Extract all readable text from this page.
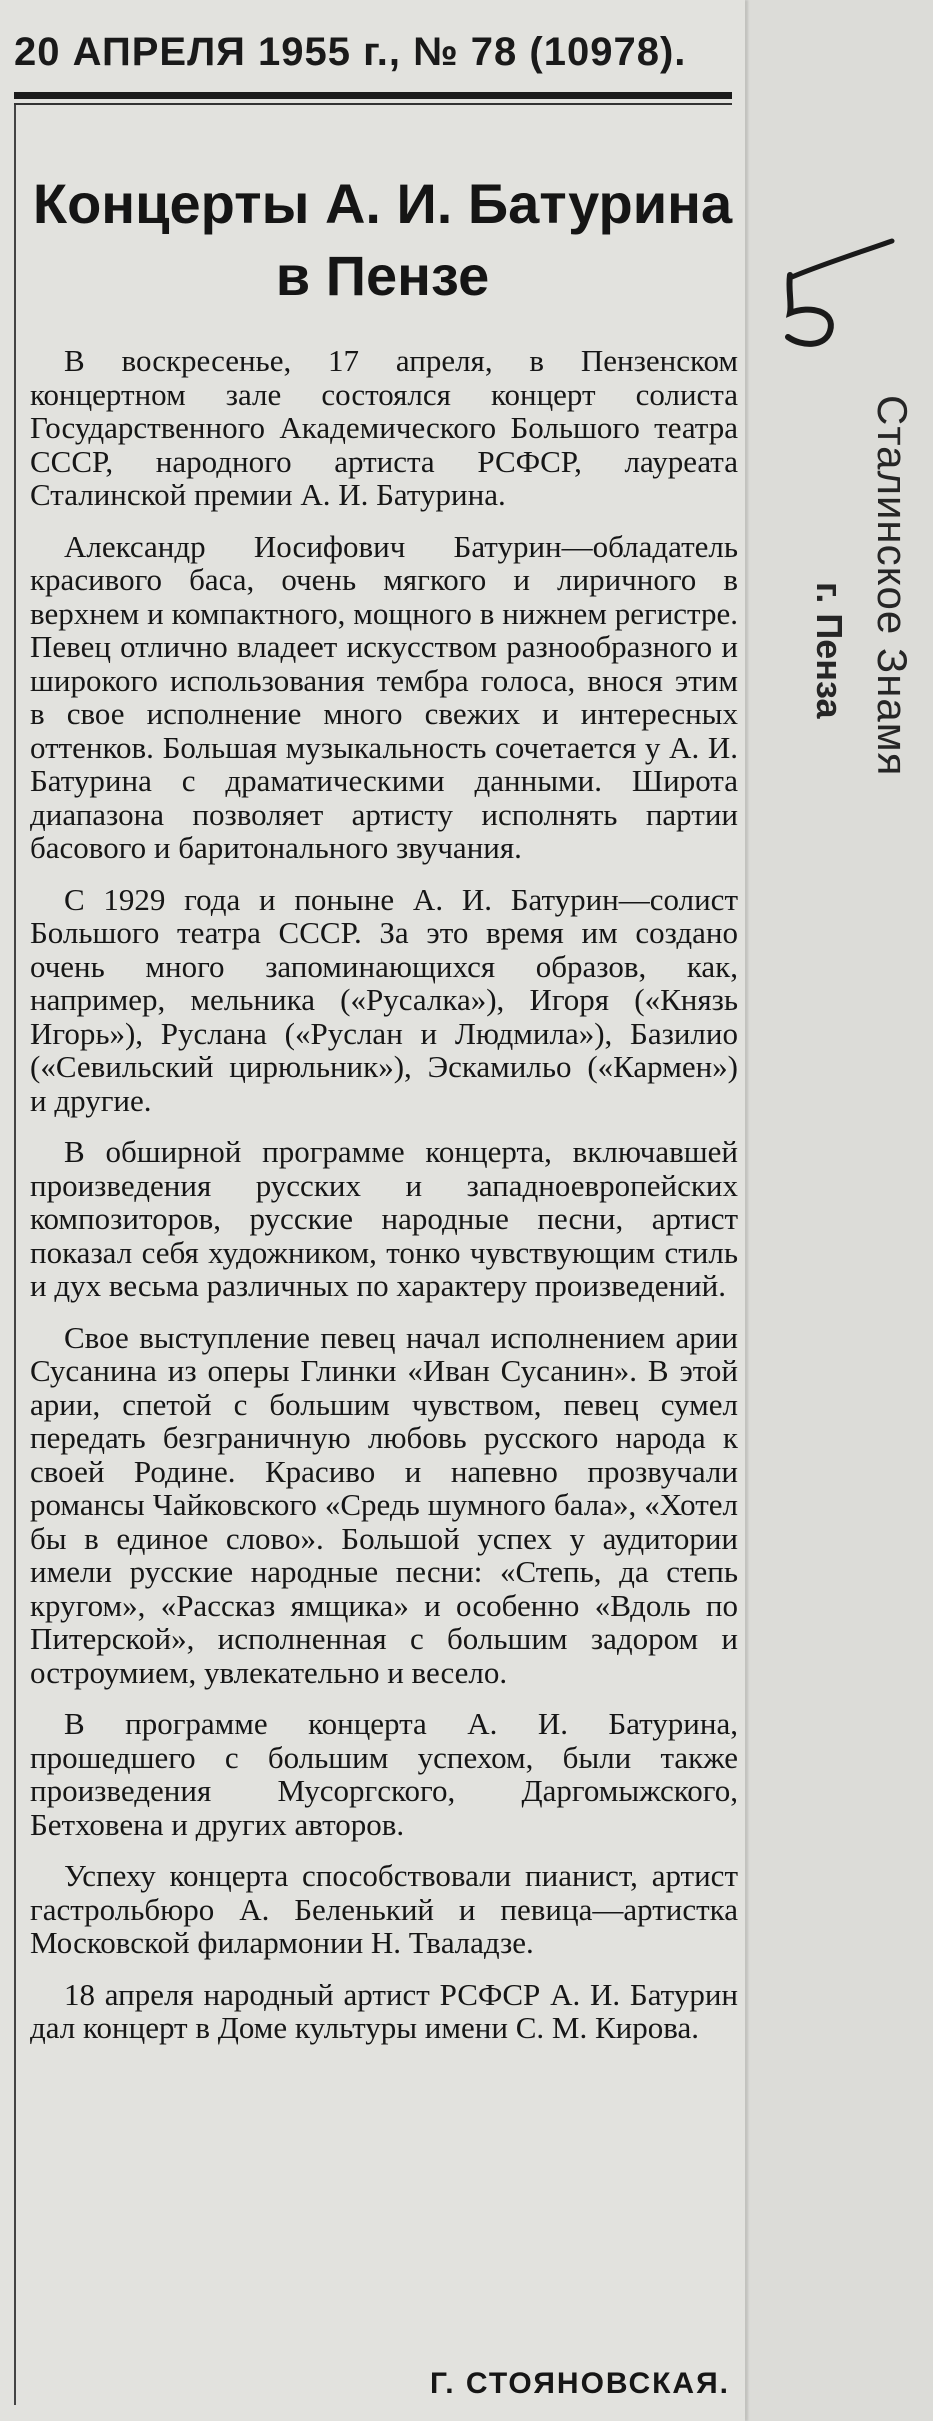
20 АПРЕЛЯ 1955 г., № 78 (10978).
Концерты А. И. Батурина
в Пензе

В воскресенье, 17 апреля, в Пензенском концертном зале состоялся концерт солиста Государственного Академического Большого театра СССР, народного артиста РСФСР, лауреата Сталинской премии А. И. Батурина.

Александр Иосифович Батурин—обладатель красивого баса, очень мягкого и лиричного в верхнем и компактного, мощного в нижнем регистре. Певец отлично владеет искусством разнообразного и широкого использования тембра голоса, внося этим в свое исполнение много свежих и интересных оттенков. Большая музыкальность сочетается у А. И. Батурина с драматическими данными. Широта диапазона позволяет артисту исполнять партии басового и баритонального звучания.

С 1929 года и поныне А. И. Батурин—солист Большого театра СССР. За это время им создано очень много запоминающихся образов, как, например, мельника («Русалка»), Игоря («Князь Игорь»), Руслана («Руслан и Людмила»), Базилио («Севильский цирюльник»), Эскамильо («Кармен») и другие.

В обширной программе концерта, включавшей произведения русских и западноевропейских композиторов, русские народные песни, артист показал себя художником, тонко чувствующим стиль и дух весьма различных по характеру произведений.

Свое выступление певец начал исполнением арии Сусанина из оперы Глинки «Иван Сусанин». В этой арии, спетой с большим чувством, певец сумел передать безграничную любовь русского народа к своей Родине. Красиво и напевно прозвучали романсы Чайковского «Средь шумного бала», «Хотел бы в единое слово». Большой успех у аудитории имели русские народные песни: «Степь, да степь кругом», «Рассказ ямщика» и особенно «Вдоль по Питерской», исполненная с большим задором и остроумием, увлекательно и весело.

В программе концерта А. И. Батурина, прошедшего с большим успехом, были также произведения Мусоргского, Даргомыжского, Бетховена и других авторов.

Успеху концерта способствовали пианист, артист гастрольбюро А. Беленький и певица—артистка Московской филармонии Н. Твaладзе.

18 апреля народный артист РСФСР А. И. Батурин дал концерт в Доме культуры имени С. М. Кирова.

Г. СТОЯНОВСКАЯ.
Сталинское Знамя
г. Пенза
